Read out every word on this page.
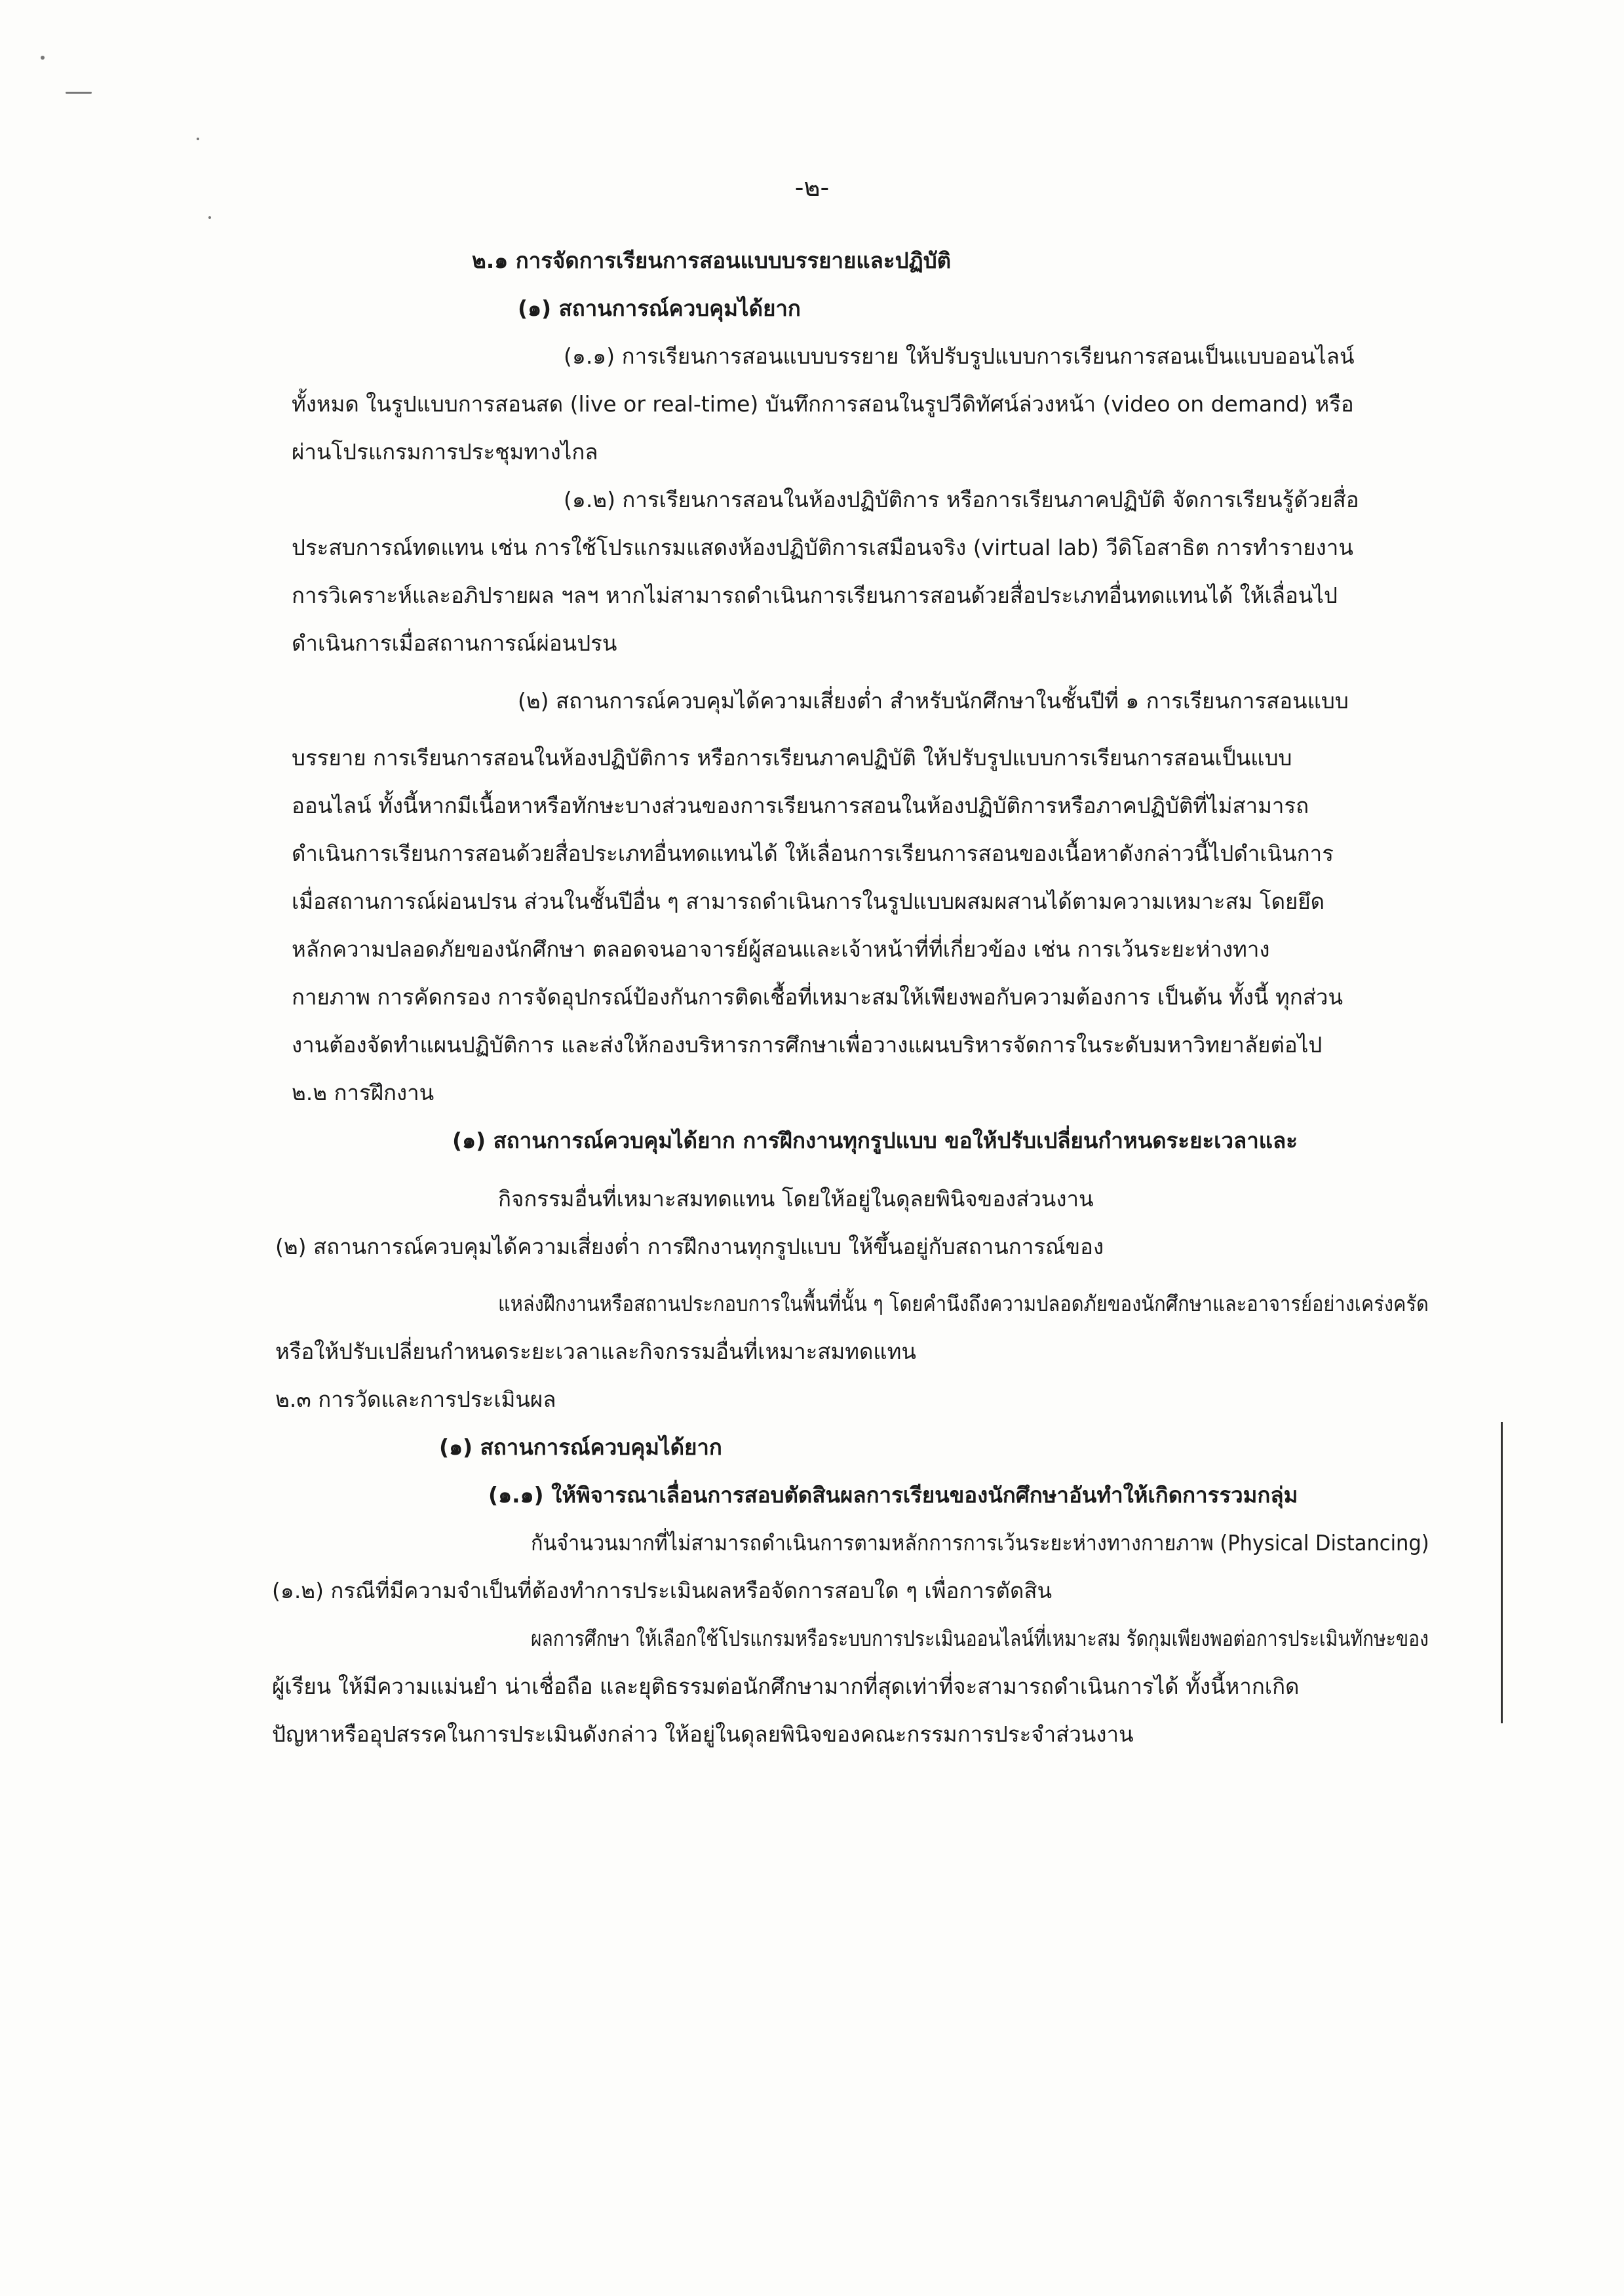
-๒-
๒.๑ การจัดการเรียนการสอนแบบบรรยายและปฏิบัติ
(๑) สถานการณ์ควบคุมได้ยาก
(๑.๑) การเรียนการสอนแบบบรรยาย ให้ปรับรูปแบบการเรียนการสอนเป็นแบบออนไลน์
ทั้งหมด ในรูปแบบการสอนสด (live or real-time) บันทึกการสอนในรูปวีดิทัศน์ล่วงหน้า (video on demand) หรือ
ผ่านโปรแกรมการประชุมทางไกล
(๑.๒) การเรียนการสอนในห้องปฏิบัติการ หรือการเรียนภาคปฏิบัติ จัดการเรียนรู้ด้วยสื่อ
ประสบการณ์ทดแทน เช่น การใช้โปรแกรมแสดงห้องปฏิบัติการเสมือนจริง (virtual lab) วีดิโอสาธิต การทำรายงาน
การวิเคราะห์และอภิปรายผล ฯลฯ หากไม่สามารถดำเนินการเรียนการสอนด้วยสื่อประเภทอื่นทดแทนได้ ให้เลื่อนไป
ดำเนินการเมื่อสถานการณ์ผ่อนปรน
(๒) สถานการณ์ควบคุมได้ความเสี่ยงต่ำ สำหรับนักศึกษาในชั้นปีที่ ๑ การเรียนการสอนแบบ
บรรยาย การเรียนการสอนในห้องปฏิบัติการ หรือการเรียนภาคปฏิบัติ ให้ปรับรูปแบบการเรียนการสอนเป็นแบบ
ออนไลน์ ทั้งนี้หากมีเนื้อหาหรือทักษะบางส่วนของการเรียนการสอนในห้องปฏิบัติการหรือภาคปฏิบัติที่ไม่สามารถ
ดำเนินการเรียนการสอนด้วยสื่อประเภทอื่นทดแทนได้ ให้เลื่อนการเรียนการสอนของเนื้อหาดังกล่าวนี้ไปดำเนินการ
เมื่อสถานการณ์ผ่อนปรน ส่วนในชั้นปีอื่น ๆ สามารถดำเนินการในรูปแบบผสมผสานได้ตามความเหมาะสม โดยยึด
หลักความปลอดภัยของนักศึกษา ตลอดจนอาจารย์ผู้สอนและเจ้าหน้าที่ที่เกี่ยวข้อง เช่น การเว้นระยะห่างทาง
กายภาพ การคัดกรอง การจัดอุปกรณ์ป้องกันการติดเชื้อที่เหมาะสมให้เพียงพอกับความต้องการ เป็นต้น ทั้งนี้ ทุกส่วน
งานต้องจัดทำแผนปฏิบัติการ และส่งให้กองบริหารการศึกษาเพื่อวางแผนบริหารจัดการในระดับมหาวิทยาลัยต่อไป
๒.๒ การฝึกงาน
(๑) สถานการณ์ควบคุมได้ยาก การฝึกงานทุกรูปแบบ ขอให้ปรับเปลี่ยนกำหนดระยะเวลาและ
กิจกรรมอื่นที่เหมาะสมทดแทน โดยให้อยู่ในดุลยพินิจของส่วนงาน
(๒) สถานการณ์ควบคุมได้ความเสี่ยงต่ำ การฝึกงานทุกรูปแบบ ให้ขึ้นอยู่กับสถานการณ์ของ
แหล่งฝึกงานหรือสถานประกอบการในพื้นที่นั้น ๆ โดยคำนึงถึงความปลอดภัยของนักศึกษาและอาจารย์อย่างเคร่งครัด
หรือให้ปรับเปลี่ยนกำหนดระยะเวลาและกิจกรรมอื่นที่เหมาะสมทดแทน
๒.๓ การวัดและการประเมินผล
(๑) สถานการณ์ควบคุมได้ยาก
(๑.๑) ให้พิจารณาเลื่อนการสอบตัดสินผลการเรียนของนักศึกษาอันทำให้เกิดการรวมกลุ่ม
กันจำนวนมากที่ไม่สามารถดำเนินการตามหลักการการเว้นระยะห่างทางกายภาพ (Physical Distancing)
(๑.๒) กรณีที่มีความจำเป็นที่ต้องทำการประเมินผลหรือจัดการสอบใด ๆ เพื่อการตัดสิน
ผลการศึกษา ให้เลือกใช้โปรแกรมหรือระบบการประเมินออนไลน์ที่เหมาะสม รัดกุมเพียงพอต่อการประเมินทักษะของ
ผู้เรียน ให้มีความแม่นยำ น่าเชื่อถือ และยุติธรรมต่อนักศึกษามากที่สุดเท่าที่จะสามารถดำเนินการได้ ทั้งนี้หากเกิด
ปัญหาหรืออุปสรรคในการประเมินดังกล่าว ให้อยู่ในดุลยพินิจของคณะกรรมการประจำส่วนงาน
